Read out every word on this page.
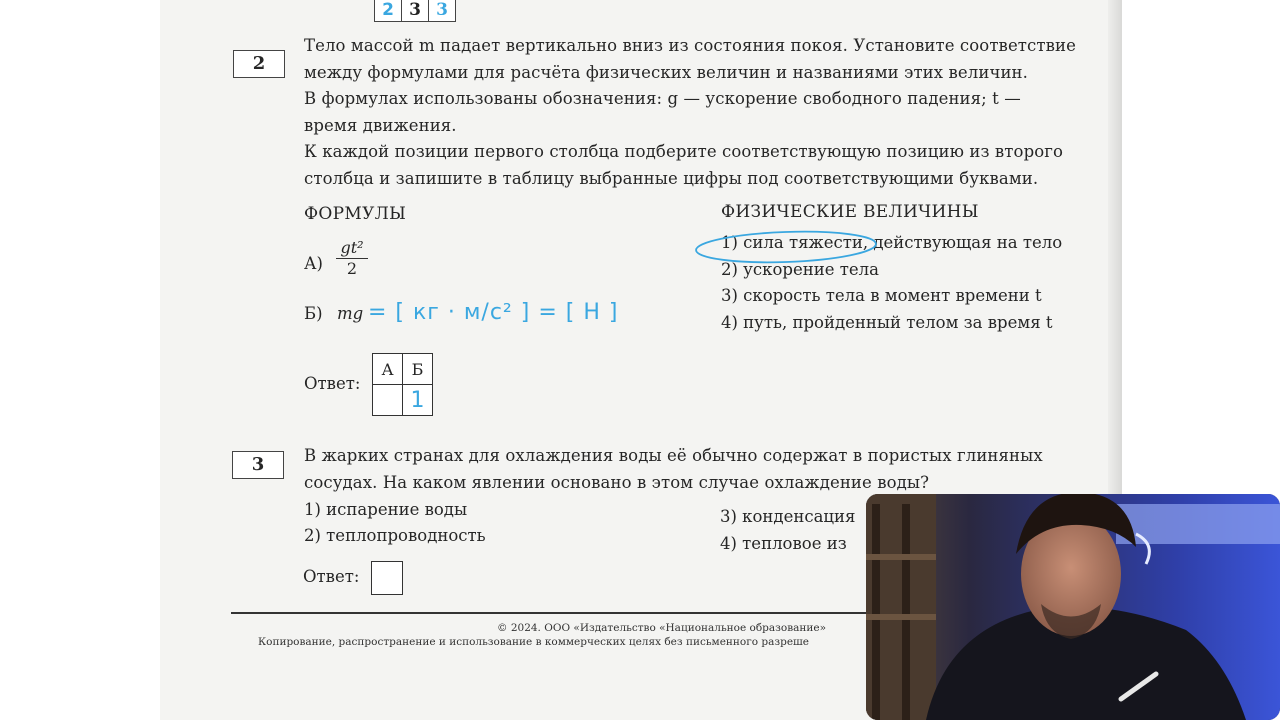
2 3 3
2
Тело массой m падает вертикально вниз из состояния покоя. Установите соответствие
между формулами для расчёта физических величин и названиями этих величин.
В формулах использованы обозначения: g — ускорение свободного падения; t —
время движения.
К каждой позиции первого столбца подберите соответствующую позицию из второго
столбца и запишите в таблицу выбранные цифры под соответствующими буквами.
ФОРМУЛЫ
$А) \frac{\text{gt²}}{2}$
Б) mg = [ кг · м/с² ] = [ Н ]
ФИЗИЧЕСКИЕ ВЕЛИЧИНЫ
1) сила тяжести, действующая на тело
2) ускорение тела
3) скорость тела в момент времени t
4) путь, пройденный телом за время t
Ответ:
А	Б
	1
3	В жарких странах для охлаждения воды её обычно содержат в пористых глиняных
сосудах. На каком явлении основано в этом случае охлаждение воды?
1) испарение воды
2) теплопроводность
3) конденсация
4) тепловое из
Ответ:
© 2024. ООО «Издательство «Национальное образование»
Копирование, распространение и использование в коммерческих целях без письменного разреше
